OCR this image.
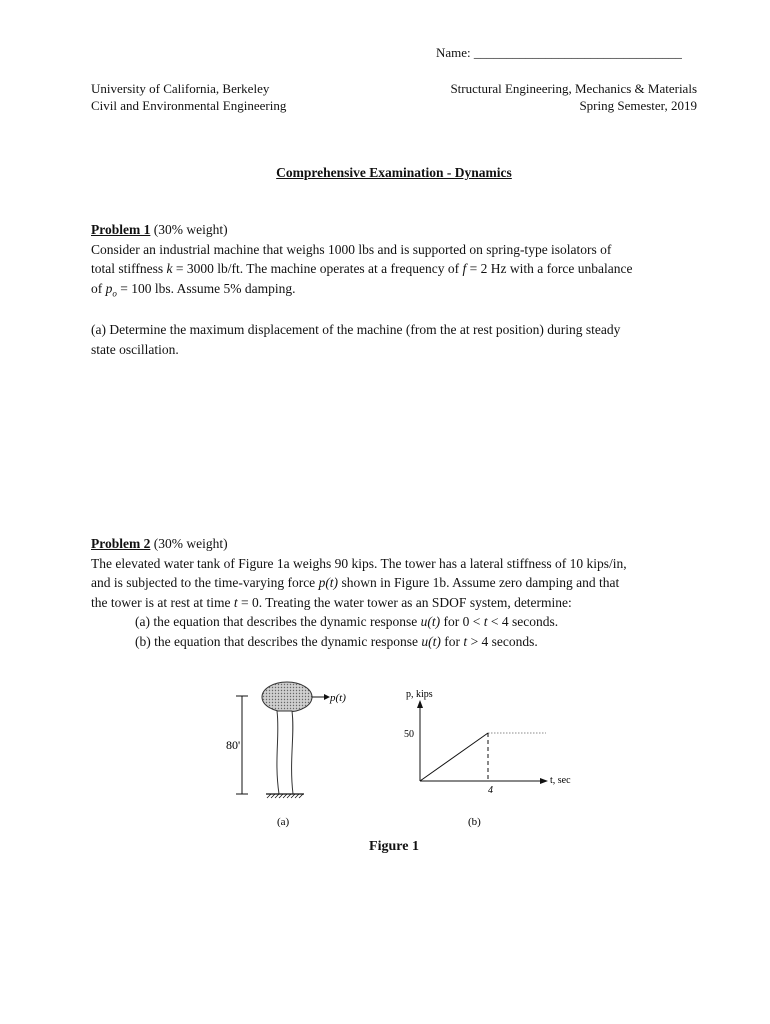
Name: ________________________________
University of California, Berkeley
Civil and Environmental Engineering
Structural Engineering, Mechanics & Materials
Spring Semester, 2019
Comprehensive Examination - Dynamics
Problem 1 (30% weight)
Consider an industrial machine that weighs 1000 lbs and is supported on spring-type isolators of
total stiffness k = 3000 lb/ft. The machine operates at a frequency of f = 2 Hz with a force unbalance
of $p_o = 100$ lbs. Assume 5% damping.
(a) Determine the maximum displacement of the machine (from the at rest position) during steady
state oscillation.
Problem 2 (30% weight)
The elevated water tank of Figure 1a weighs 90 kips. The tower has a lateral stiffness of 10 kips/in,
and is subjected to the time-varying force p(t) shown in Figure 1b. Assume zero damping and that
the tower is at rest at time t = 0. Treating the water tower as an SDOF system, determine:
(a) the equation that describes the dynamic response u(t) for 0 < t < 4 seconds.
(b) the equation that describes the dynamic response u(t) for t > 4 seconds.
80'
p(t)
(a)
p, kips
50
4
t, sec
(b)
Figure 1
